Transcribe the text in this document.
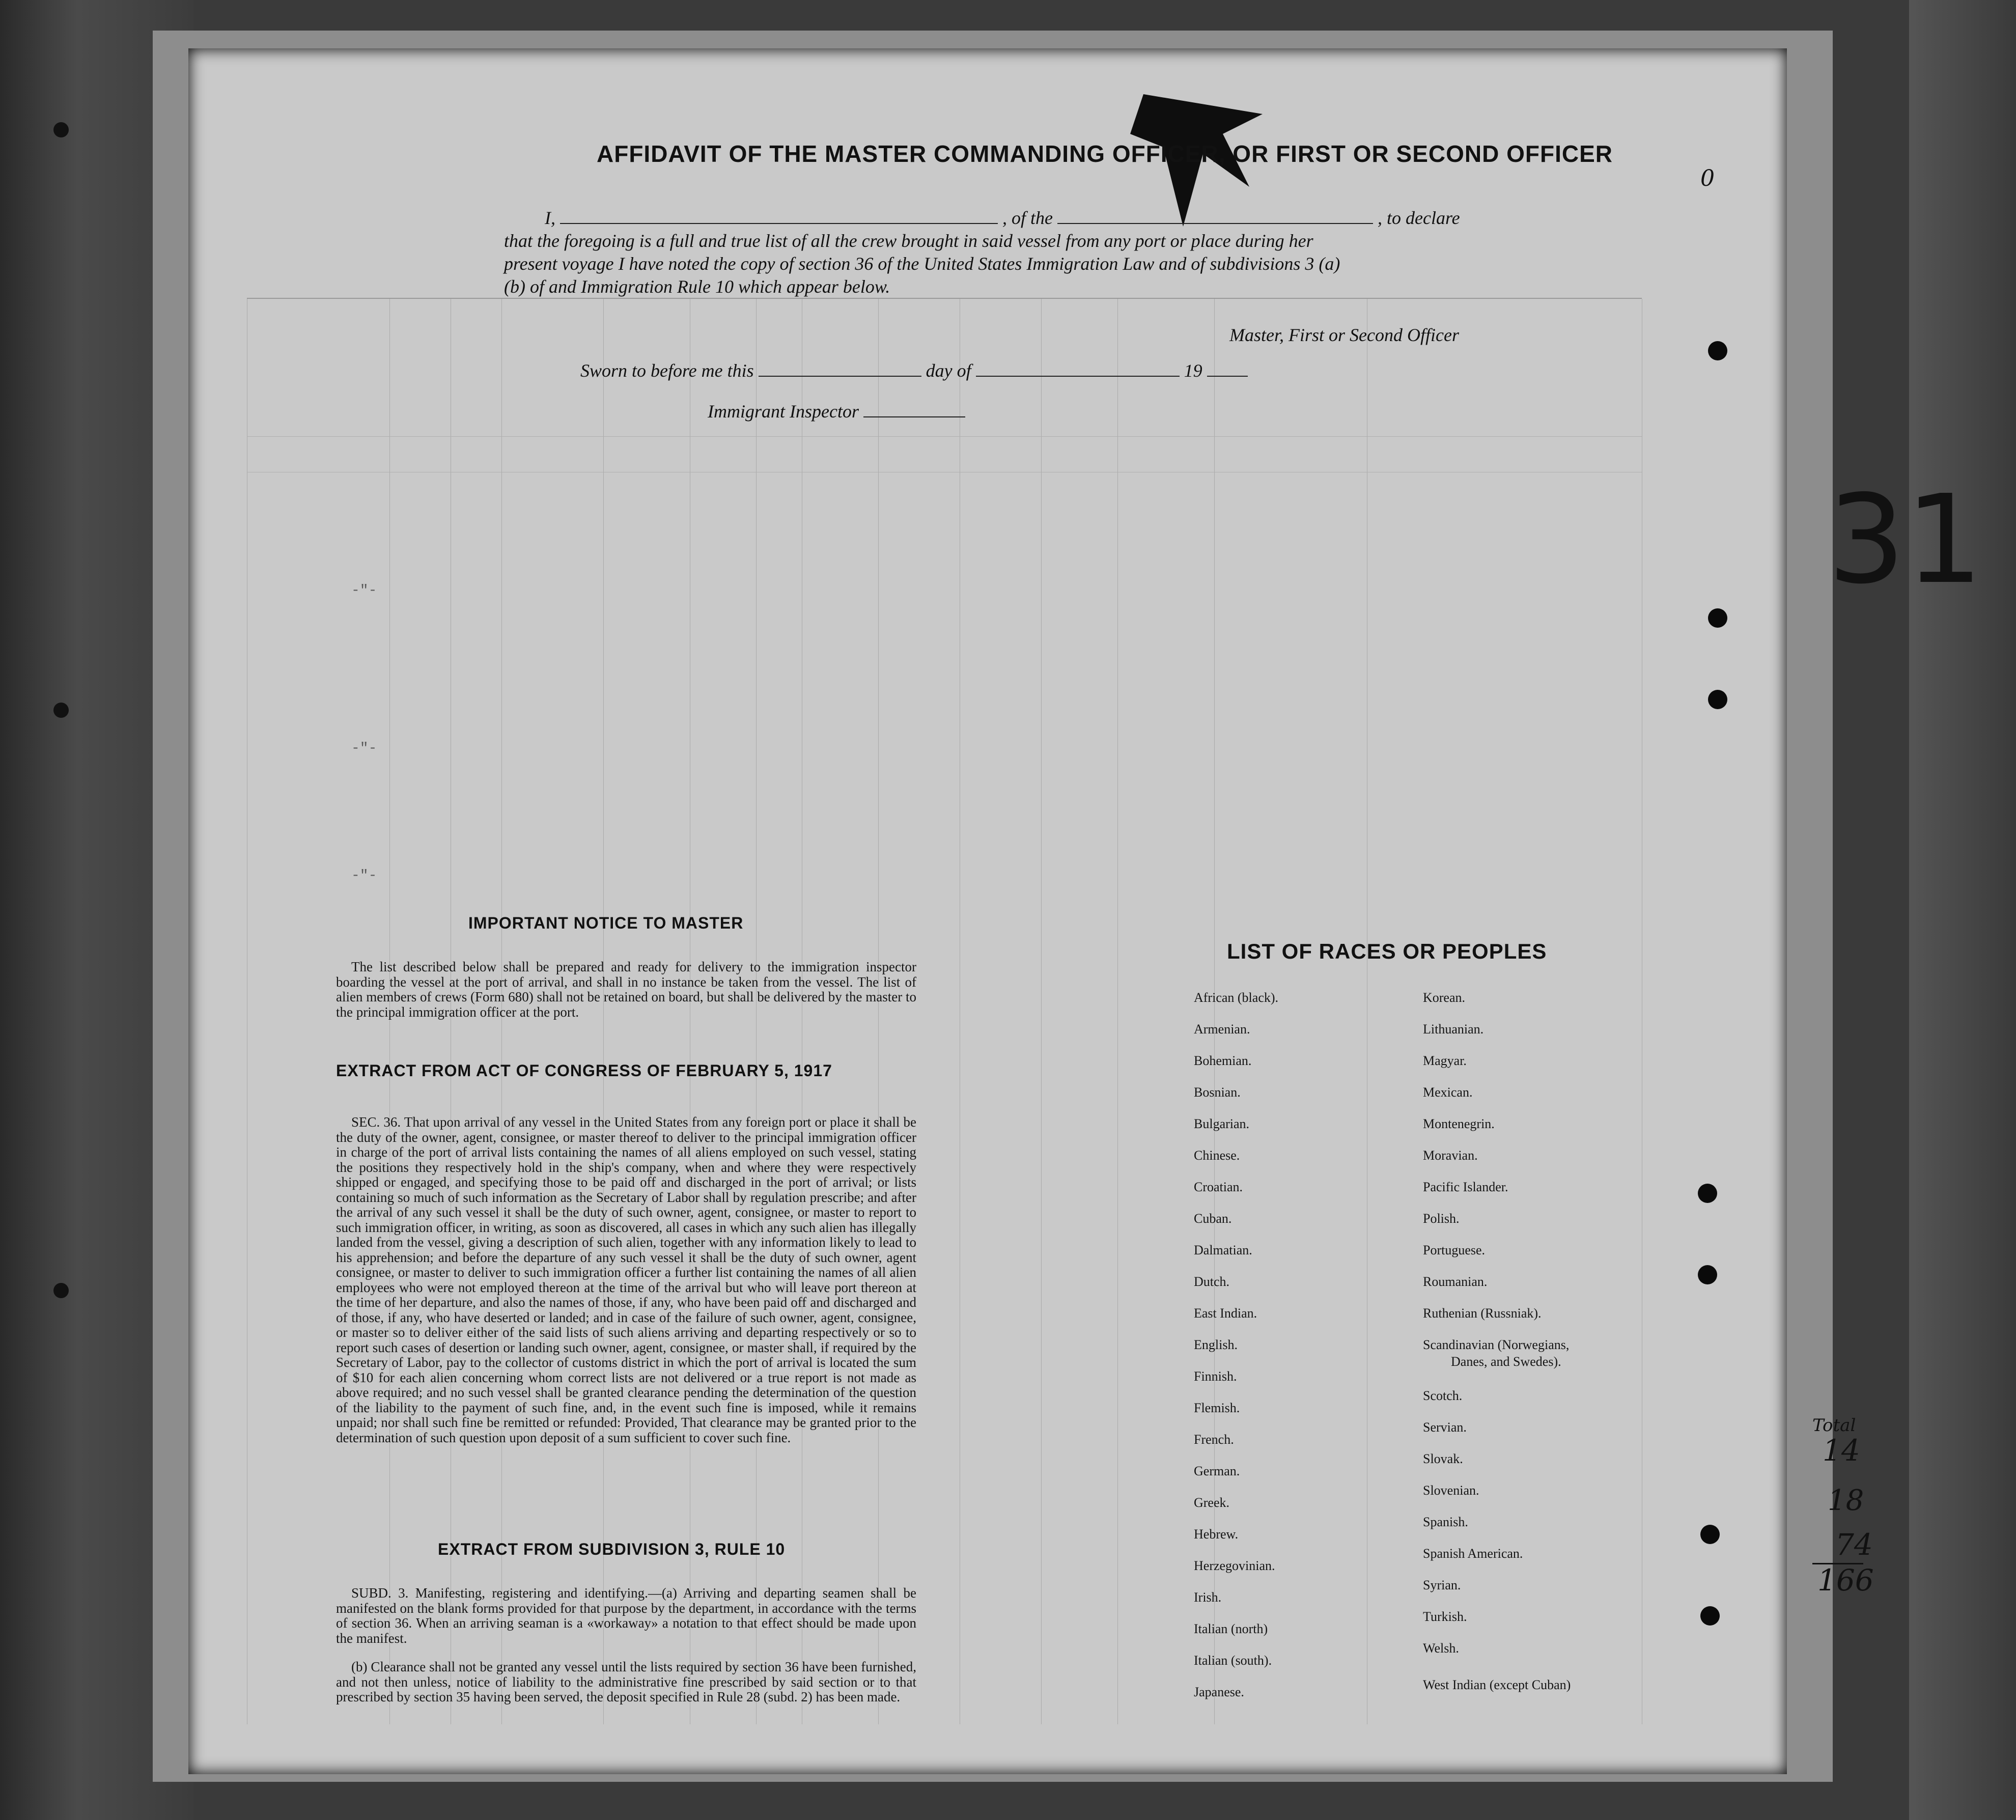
-"-
-"-
-"-
AFFIDAVIT OF THE MASTER COMMANDING OFFICER, OR FIRST OR SECOND OFFICER
I,	, of the	, to declare
that the foregoing is a full and true list of all the crew brought in said vessel from any port or place during her
present voyage I have noted the copy of section 36 of the United States Immigration Law and of subdivisions 3 (a)
(b) of and Immigration Rule 10 which appear below.
Master, First or Second Officer
Sworn to before me this	day of	19
Immigrant Inspector
IMPORTANT NOTICE TO MASTER
The list described below shall be prepared and ready for delivery to the immigration inspector boarding the vessel at the port of arrival, and shall in no instance be taken from the vessel. The list of alien members of crews (Form 680) shall not be retained on board, but shall be delivered by the master to the principal immigration officer at the port.
EXTRACT FROM ACT OF CONGRESS OF FEBRUARY 5, 1917
SEC. 36. That upon arrival of any vessel in the United States from any foreign port or place it shall be the duty of the owner, agent, consignee, or master thereof to deliver to the principal immigration officer in charge of the port of arrival lists containing the names of all aliens employed on such vessel, stating the positions they respectively hold in the ship's company, when and where they were respectively shipped or engaged, and specifying those to be paid off and discharged in the port of arrival; or lists containing so much of such information as the Secretary of Labor shall by regulation prescribe; and after the arrival of any such vessel it shall be the duty of such owner, agent, consignee, or master to report to such immigration officer, in writing, as soon as discovered, all cases in which any such alien has illegally landed from the vessel, giving a description of such alien, together with any information likely to lead to his apprehension; and before the departure of any such vessel it shall be the duty of such owner, agent consignee, or master to deliver to such immigration officer a further list containing the names of all alien employees who were not employed thereon at the time of the arrival but who will leave port thereon at the time of her departure, and also the names of those, if any, who have been paid off and discharged and of those, if any, who have deserted or landed; and in case of the failure of such owner, agent, consignee, or master so to deliver either of the said lists of such aliens arriving and departing respectively or so to report such cases of desertion or landing such owner, agent, consignee, or master shall, if required by the Secretary of Labor, pay to the collector of customs district in which the port of arrival is located the sum of $10 for each alien concerning whom correct lists are not delivered or a true report is not made as above required; and no such vessel shall be granted clearance pending the determination of the question of the liability to the payment of such fine, and, in the event such fine is imposed, while it remains unpaid; nor shall such fine be remitted or refunded: Provided, That clearance may be granted prior to the determination of such question upon deposit of a sum sufficient to cover such fine.
EXTRACT FROM SUBDIVISION 3, RULE 10
SUBD. 3. Manifesting, registering and identifying.—(a) Arriving and departing seamen shall be manifested on the blank forms provided for that purpose by the department, in accordance with the terms of section 36. When an arriving seaman is a «workaway» a notation to that effect should be made upon the manifest.
(b) Clearance shall not be granted any vessel until the lists required by section 36 have been furnished, and not then unless, notice of liability to the administrative fine prescribed by said section or to that prescribed by section 35 having been served, the deposit specified in Rule 28 (subd. 2) has been made.
LIST OF RACES OR PEOPLES
African (black).
Armenian.
Bohemian.
Bosnian.
Bulgarian.
Chinese.
Croatian.
Cuban.
Dalmatian.
Dutch.
East Indian.
English.
Finnish.
Flemish.
French.
German.
Greek.
Hebrew.
Herzegovinian.
Irish.
Italian (north)
Italian (south).
Japanese.
Korean.
Lithuanian.
Magyar.
Mexican.
Montenegrin.
Moravian.
Pacific Islander.
Polish.
Portuguese.
Roumanian.
Ruthenian (Russniak).
Scandinavian (Norwegians,
Danes, and Swedes).
Scotch.
Servian.
Slovak.
Slovenian.
Spanish.
Spanish American.
Syrian.
Turkish.
Welsh.
West Indian (except Cuban)
0
31
Total
14
18
74
166
